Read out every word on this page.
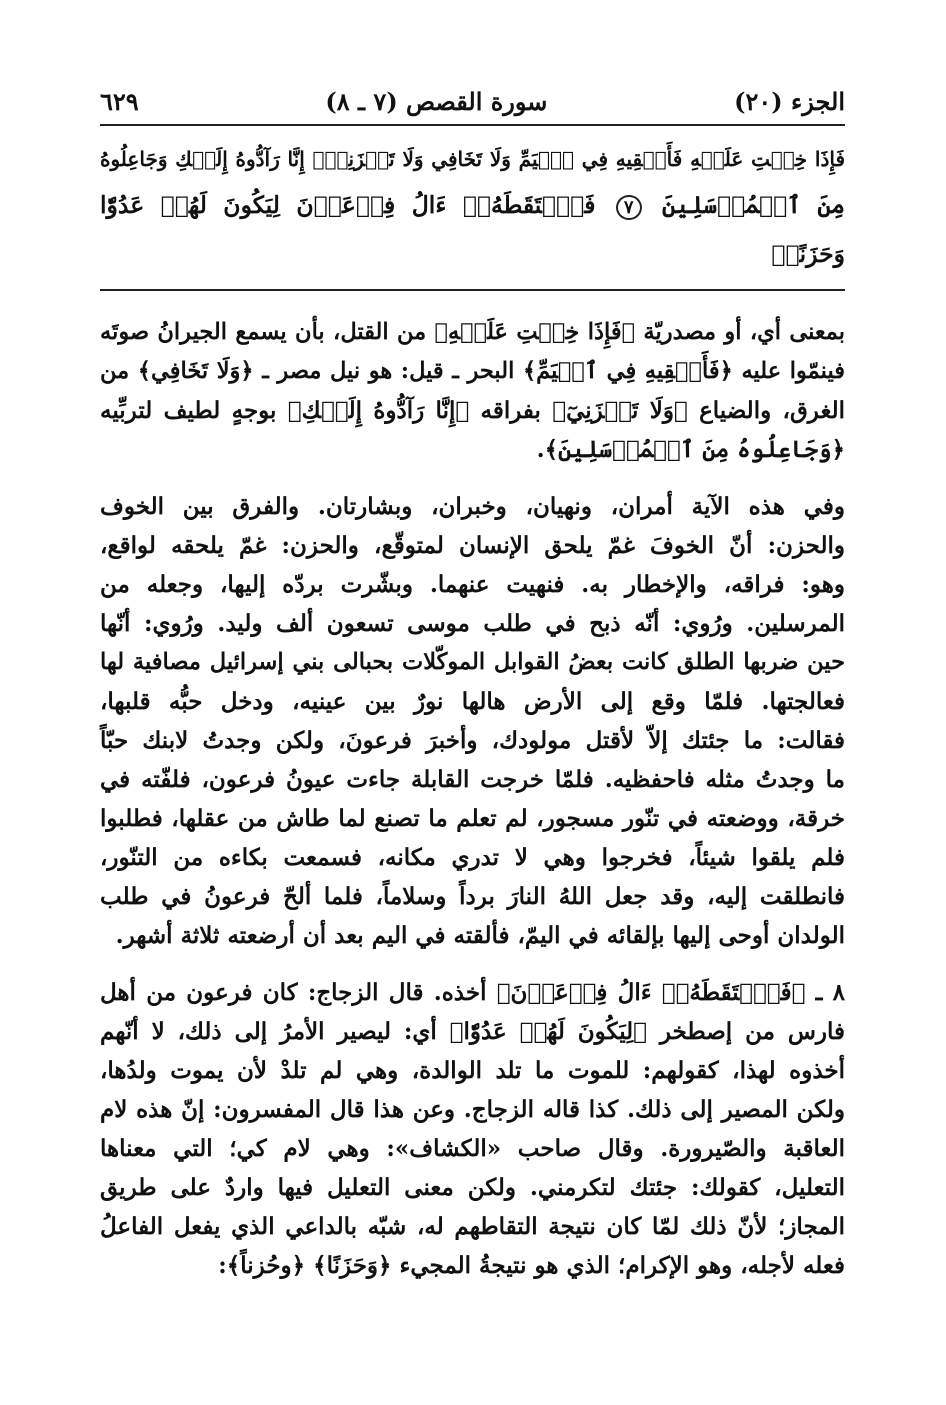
الجزء (٢٠)
سورة القصص (٧ ـ ٨)
٦٢٩
فَإِذَا خِفۡتِ عَلَيۡهِ فَأَلۡقِيهِ فِي ٱلۡيَمِّ وَلَا تَخَافِي وَلَا تَحۡزَنِيٓۖ إِنَّا رَآدُّوهُ إِلَيۡكِ وَجَاعِلُوهُ
مِنَ ٱلۡمُرۡسَلِينَ ٧ فَٱلۡتَقَطَهُۥٓ ءَالُ فِرۡعَوۡنَ لِيَكُونَ لَهُمۡ عَدُوّٗا وَحَزَنًاۗ
بمعنى أي، أو مصدريّة ﴿فَإِذَا خِفۡتِ عَلَيۡهِ﴾ من القتل، بأن يسمع الجيرانُ صوتَه
فينمّوا عليه ﴿فَأَلۡقِيهِ فِي ٱلۡيَمِّ﴾ البحر ـ قيل: هو نيل مصر ـ ﴿وَلَا تَخَافِي﴾ من
الغرق، والضياع ﴿وَلَا تَحۡزَنِيٓ﴾ بفراقه ﴿إِنَّا رَآدُّوهُ إِلَيۡكِ﴾ بوجهٍ لطيف لتربِّيه
﴿وَجَاعِلُوهُ مِنَ ٱلۡمُرۡسَلِينَ﴾.
وفي هذه الآية أمران، ونهيان، وخبران، وبشارتان. والفرق بين الخوف
والحزن: أنّ الخوفَ غمّ يلحق الإنسان لمتوقّع، والحزن: غمّ يلحقه لواقع،
وهو: فراقه، والإخطار به. فنهيت عنهما. وبشّرت بردّه إليها، وجعله من
المرسلين. ورُوي: أنّه ذبح في طلب موسى تسعون ألف وليد. ورُوي: أنّها
حين ضربها الطلق كانت بعضُ القوابل الموكّلات بحبالى بني إسرائيل مصافية لها
فعالجتها. فلمّا وقع إلى الأرض هالها نورٌ بين عينيه، ودخل حبُّه قلبها،
فقالت: ما جئتك إلاّ لأقتل مولودك، وأخبرَ فرعونَ، ولكن وجدتُ لابنك حبّاً
ما وجدتُ مثله فاحفظيه. فلمّا خرجت القابلة جاءت عيونُ فرعون، فلفّته في
خرقة، ووضعته في تنّور مسجور، لم تعلم ما تصنع لما طاش من عقلها، فطلبوا
فلم يلقوا شيئاً، فخرجوا وهي لا تدري مكانه، فسمعت بكاءه من التنّور،
فانطلقت إليه، وقد جعل اللهُ النارَ برداً وسلاماً، فلما ألحّ فرعونُ في طلب
الولدان أوحى إليها بإلقائه في اليمّ، فألقته في اليم بعد أن أرضعته ثلاثة أشهر.
٨ ـ ﴿فَٱلۡتَقَطَهُۥٓ ءَالُ فِرۡعَوۡنَ﴾ أخذه. قال الزجاج: كان فرعون من أهل
فارس من إصطخر ﴿لِيَكُونَ لَهُمۡ عَدُوّٗا﴾ أي: ليصير الأمرُ إلى ذلك، لا أنّهم
أخذوه لهذا، كقولهم: للموت ما تلد الوالدة، وهي لم تلدْ لأن يموت ولدُها،
ولكن المصير إلى ذلك. كذا قاله الزجاج. وعن هذا قال المفسرون: إنّ هذه لام
العاقبة والصّيرورة. وقال صاحب «الكشاف»: وهي لام كي؛ التي معناها
التعليل، كقولك: جئتك لتكرمني. ولكن معنى التعليل فيها واردٌ على طريق
المجاز؛ لأنّ ذلك لمّا كان نتيجة التقاطهم له، شبّه بالداعي الذي يفعل الفاعلُ
فعله لأجله، وهو الإكرام؛ الذي هو نتيجةُ المجيء ﴿وَحَزَنًا﴾ ﴿وحُزناً﴾:
